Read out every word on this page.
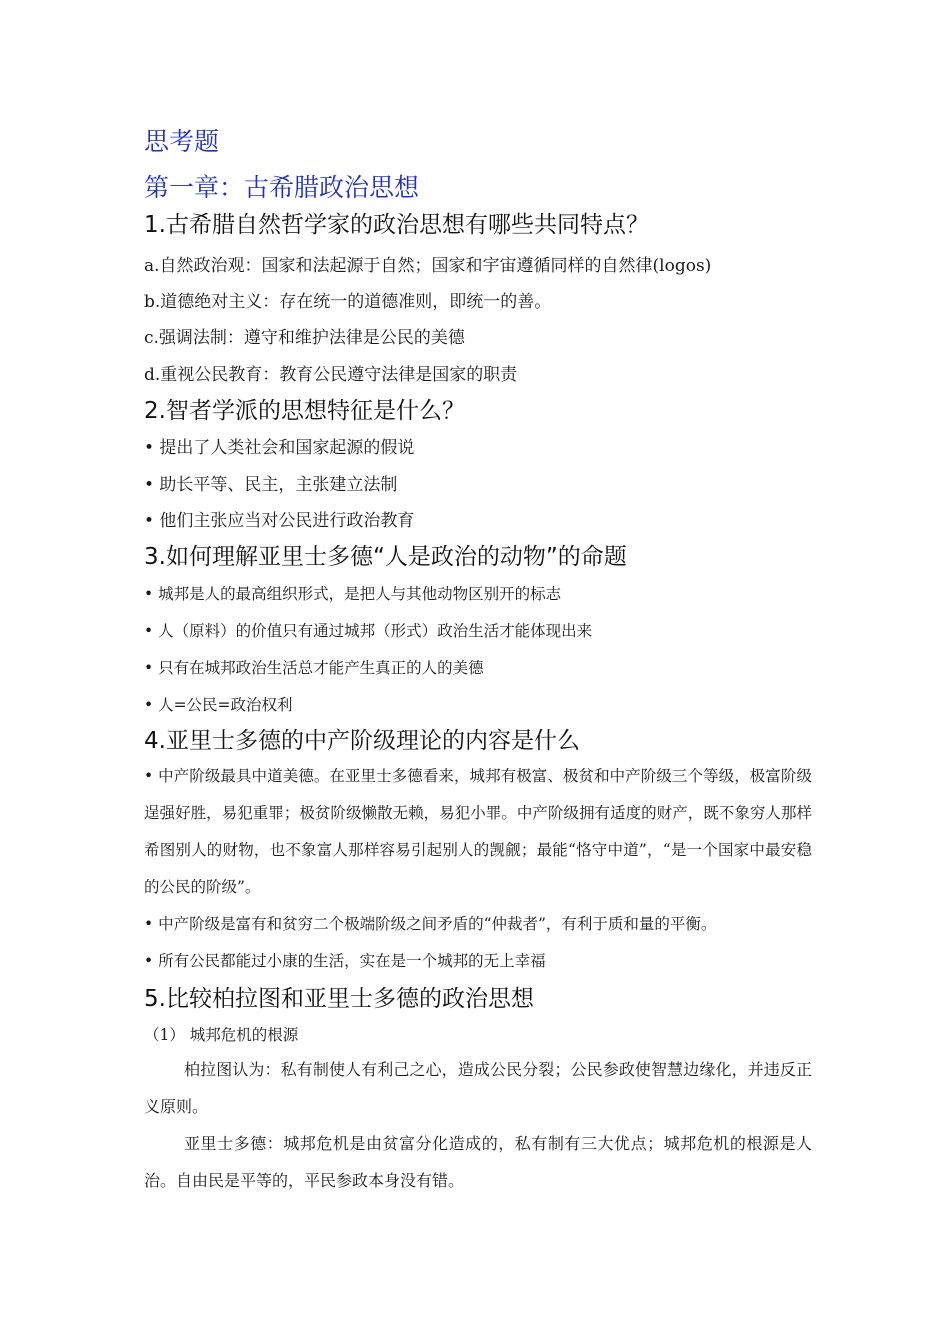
思考题
第一章：古希腊政治思想
1.古希腊自然哲学家的政治思想有哪些共同特点？
a.自然政治观：国家和法起源于自然；国家和宇宙遵循同样的自然律(logos)
b.道德绝对主义：存在统一的道德准则，即统一的善。
c.强调法制：遵守和维护法律是公民的美德
d.重视公民教育：教育公民遵守法律是国家的职责
2.智者学派的思想特征是什么？
• 提出了人类社会和国家起源的假说
• 助长平等、民主，主张建立法制
• 他们主张应当对公民进行政治教育
3.如何理解亚里士多德“人是政治的动物”的命题
• 城邦是人的最高组织形式，是把人与其他动物区别开的标志
• 人（原料）的价值只有通过城邦（形式）政治生活才能体现出来
• 只有在城邦政治生活总才能产生真正的人的美德
• 人=公民=政治权利
4.亚里士多德的中产阶级理论的内容是什么
• 中产阶级最具中道美德。在亚里士多德看来，城邦有极富、极贫和中产阶级三个等级，极富阶级逞强好胜，易犯重罪；极贫阶级懒散无赖，易犯小罪。中产阶级拥有适度的财产，既不象穷人那样希图别人的财物，也不象富人那样容易引起别人的觊觎；最能“恪守中道”，“是一个国家中最安稳的公民的阶级”。
• 中产阶级是富有和贫穷二个极端阶级之间矛盾的“仲裁者”，有利于质和量的平衡。
• 所有公民都能过小康的生活，实在是一个城邦的无上幸福
5.比较柏拉图和亚里士多德的政治思想
（1） 城邦危机的根源
柏拉图认为：私有制使人有利己之心，造成公民分裂；公民参政使智慧边缘化，并违反正义原则。
亚里士多德：城邦危机是由贫富分化造成的，私有制有三大优点；城邦危机的根源是人治。自由民是平等的，平民参政本身没有错。
